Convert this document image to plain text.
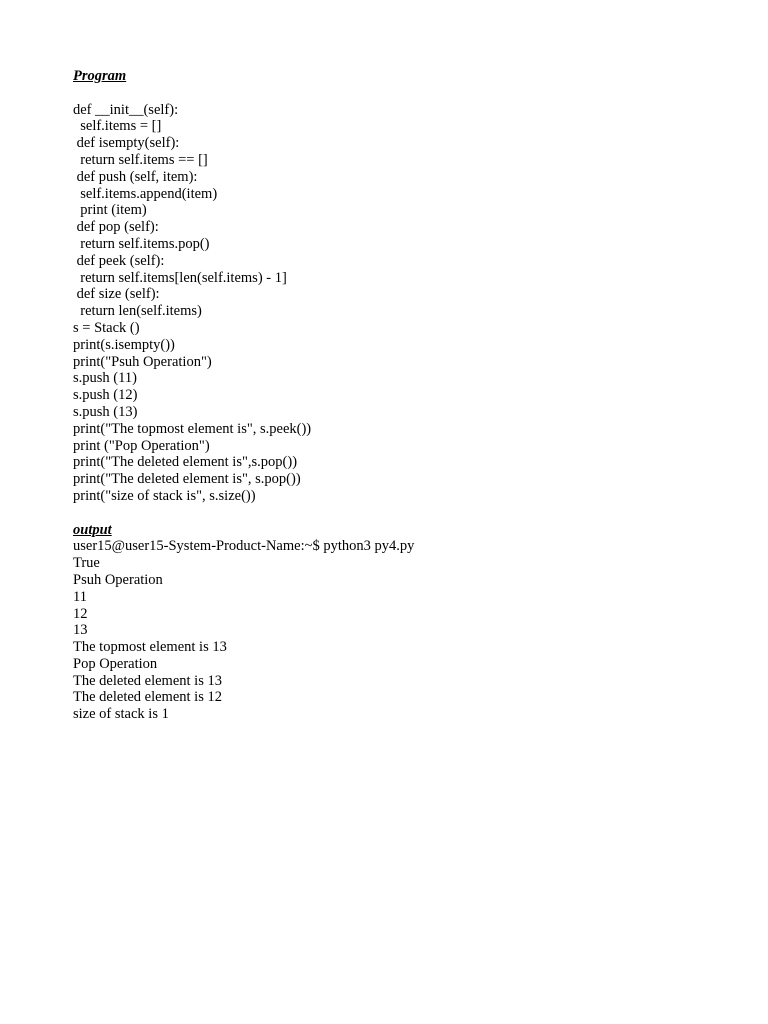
Program
def __init__(self):
self.items = []
def isempty(self):
return self.items == []
def push (self, item):
self.items.append(item)
print (item)
def pop (self):
return self.items.pop()
def peek (self):
return self.items[len(self.items) - 1]
def size (self):
return len(self.items)
s = Stack ()
print(s.isempty())
print("Psuh Operation")
s.push (11)
s.push (12)
s.push (13)
print("The topmost element is", s.peek())
print ("Pop Operation")
print("The deleted element is",s.pop())
print("The deleted element is", s.pop())
print("size of stack is", s.size())
output
user15@user15-System-Product-Name:~$ python3 py4.py
True
Psuh Operation
11
12
13
The topmost element is 13
Pop Operation
The deleted element is 13
The deleted element is 12
size of stack is 1
